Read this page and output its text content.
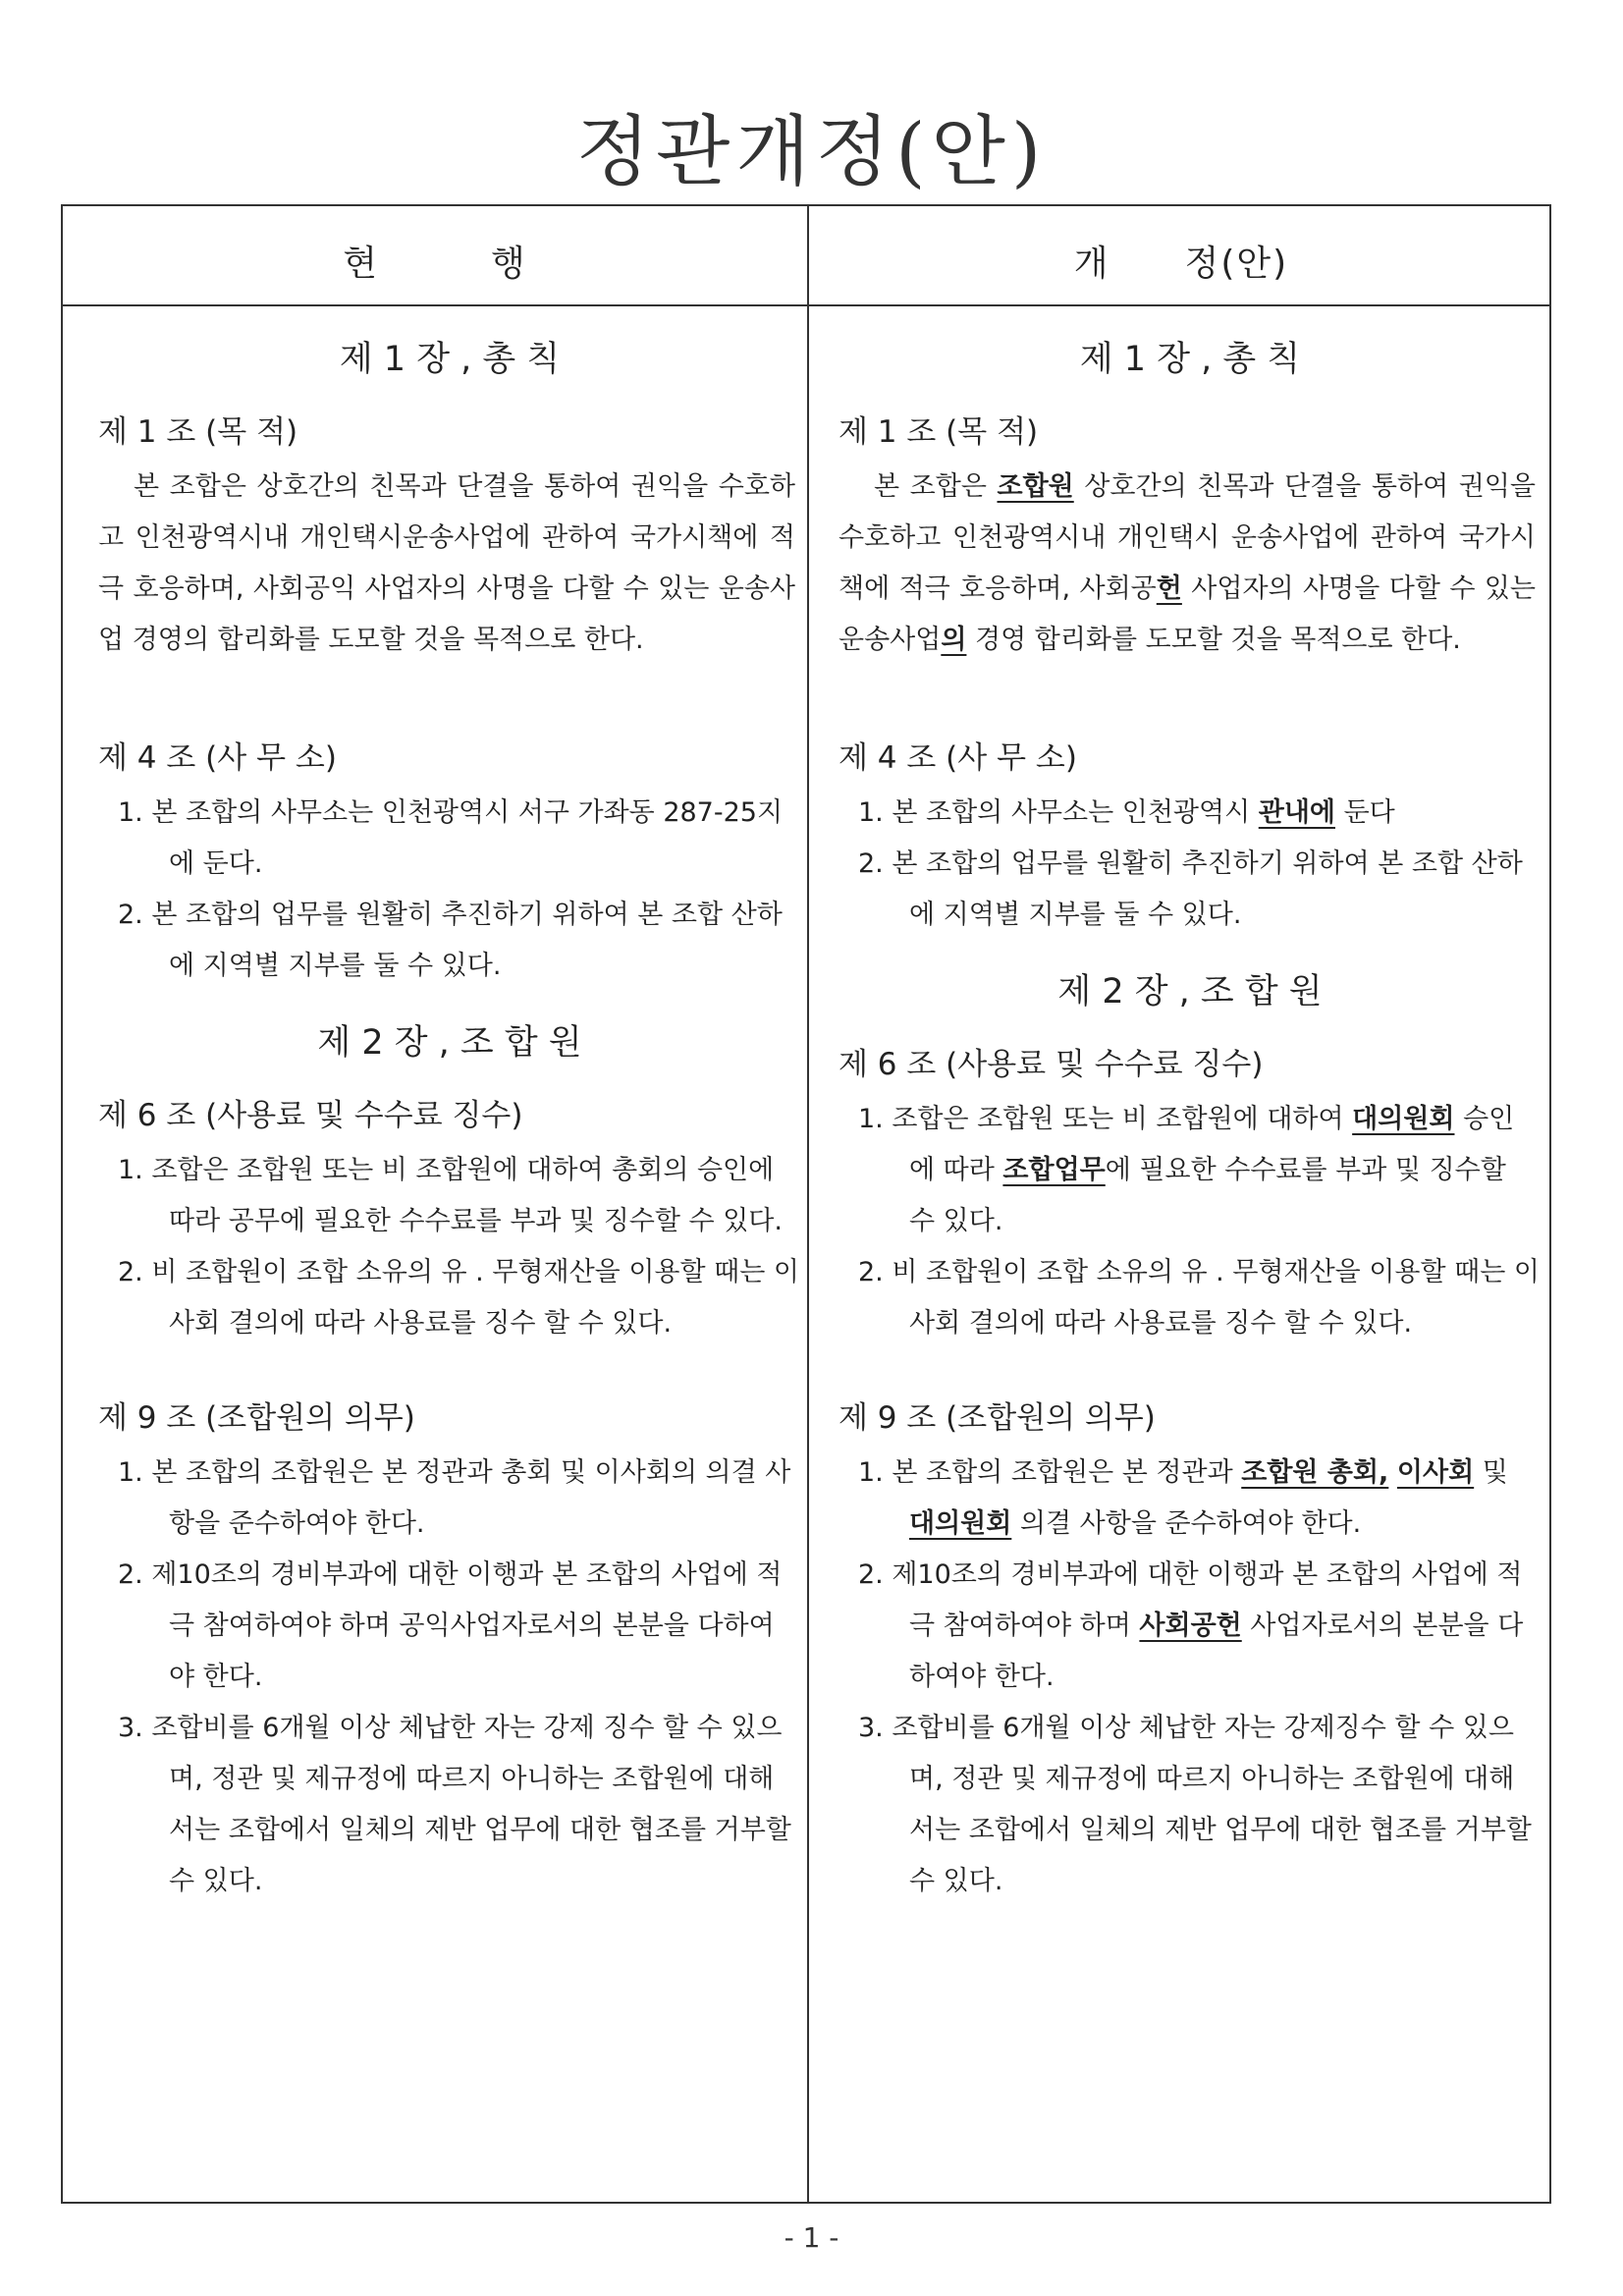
정관개정(안)
현　　　행	개　　정(안)
제 1 장 , 총 칙
제 1 조 (목 적)
본 조합은 상호간의 친목과 단결을 통하여 권익을 수호하고 인천광역시내 개인택시운송사업에 관하여 국가시책에 적극 호응하며, 사회공익 사업자의 사명을 다할 수 있는 운송사업 경영의 합리화를 도모할 것을 목적으로 한다.
제 4 조 (사 무 소)
1. 본 조합의 사무소는 인천광역시 서구 가좌동 287-25지에 둔다.
2. 본 조합의 업무를 원활히 추진하기 위하여 본 조합 산하에 지역별 지부를 둘 수 있다.
제 2 장 , 조 합 원
제 6 조 (사용료 및 수수료 징수)
1. 조합은 조합원 또는 비 조합원에 대하여 총회의 승인에 따라 공무에 필요한 수수료를 부과 및 징수할 수 있다.
2. 비 조합원이 조합 소유의 유 . 무형재산을 이용할 때는 이사회 결의에 따라 사용료를 징수 할 수 있다.
제 9 조 (조합원의 의무)
1. 본 조합의 조합원은 본 정관과 총회 및 이사회의 의결 사항을 준수하여야 한다.
2. 제10조의 경비부과에 대한 이행과 본 조합의 사업에 적극 참여하여야 하며 공익사업자로서의 본분을 다하여야 한다.
3. 조합비를 6개월 이상 체납한 자는 강제 징수 할 수 있으며, 정관 및 제규정에 따르지 아니하는 조합원에 대해서는 조합에서 일체의 제반 업무에 대한 협조를 거부할 수 있다.
제 1 장 , 총 칙
제 1 조 (목 적)
본 조합은 조합원 상호간의 친목과 단결을 통하여 권익을 수호하고 인천광역시내 개인택시 운송사업에 관하여 국가시책에 적극 호응하며, 사회공헌 사업자의 사명을 다할 수 있는 운송사업의 경영 합리화를 도모할 것을 목적으로 한다.
제 4 조 (사 무 소)
1. 본 조합의 사무소는 인천광역시 관내에 둔다
2. 본 조합의 업무를 원활히 추진하기 위하여 본 조합 산하에 지역별 지부를 둘 수 있다.
제 2 장 , 조 합 원
제 6 조 (사용료 및 수수료 징수)
1. 조합은 조합원 또는 비 조합원에 대하여 대의원회 승인에 따라 조합업무에 필요한 수수료를 부과 및 징수할 수 있다.
2. 비 조합원이 조합 소유의 유 . 무형재산을 이용할 때는 이사회 결의에 따라 사용료를 징수 할 수 있다.
제 9 조 (조합원의 의무)
1. 본 조합의 조합원은 본 정관과 조합원 총회, 이사회 및 대의원회 의결 사항을 준수하여야 한다.
2. 제10조의 경비부과에 대한 이행과 본 조합의 사업에 적극 참여하여야 하며 사회공헌 사업자로서의 본분을 다하여야 한다.
3. 조합비를 6개월 이상 체납한 자는 강제징수 할 수 있으며, 정관 및 제규정에 따르지 아니하는 조합원에 대해서는 조합에서 일체의 제반 업무에 대한 협조를 거부할 수 있다.
- 1 -
